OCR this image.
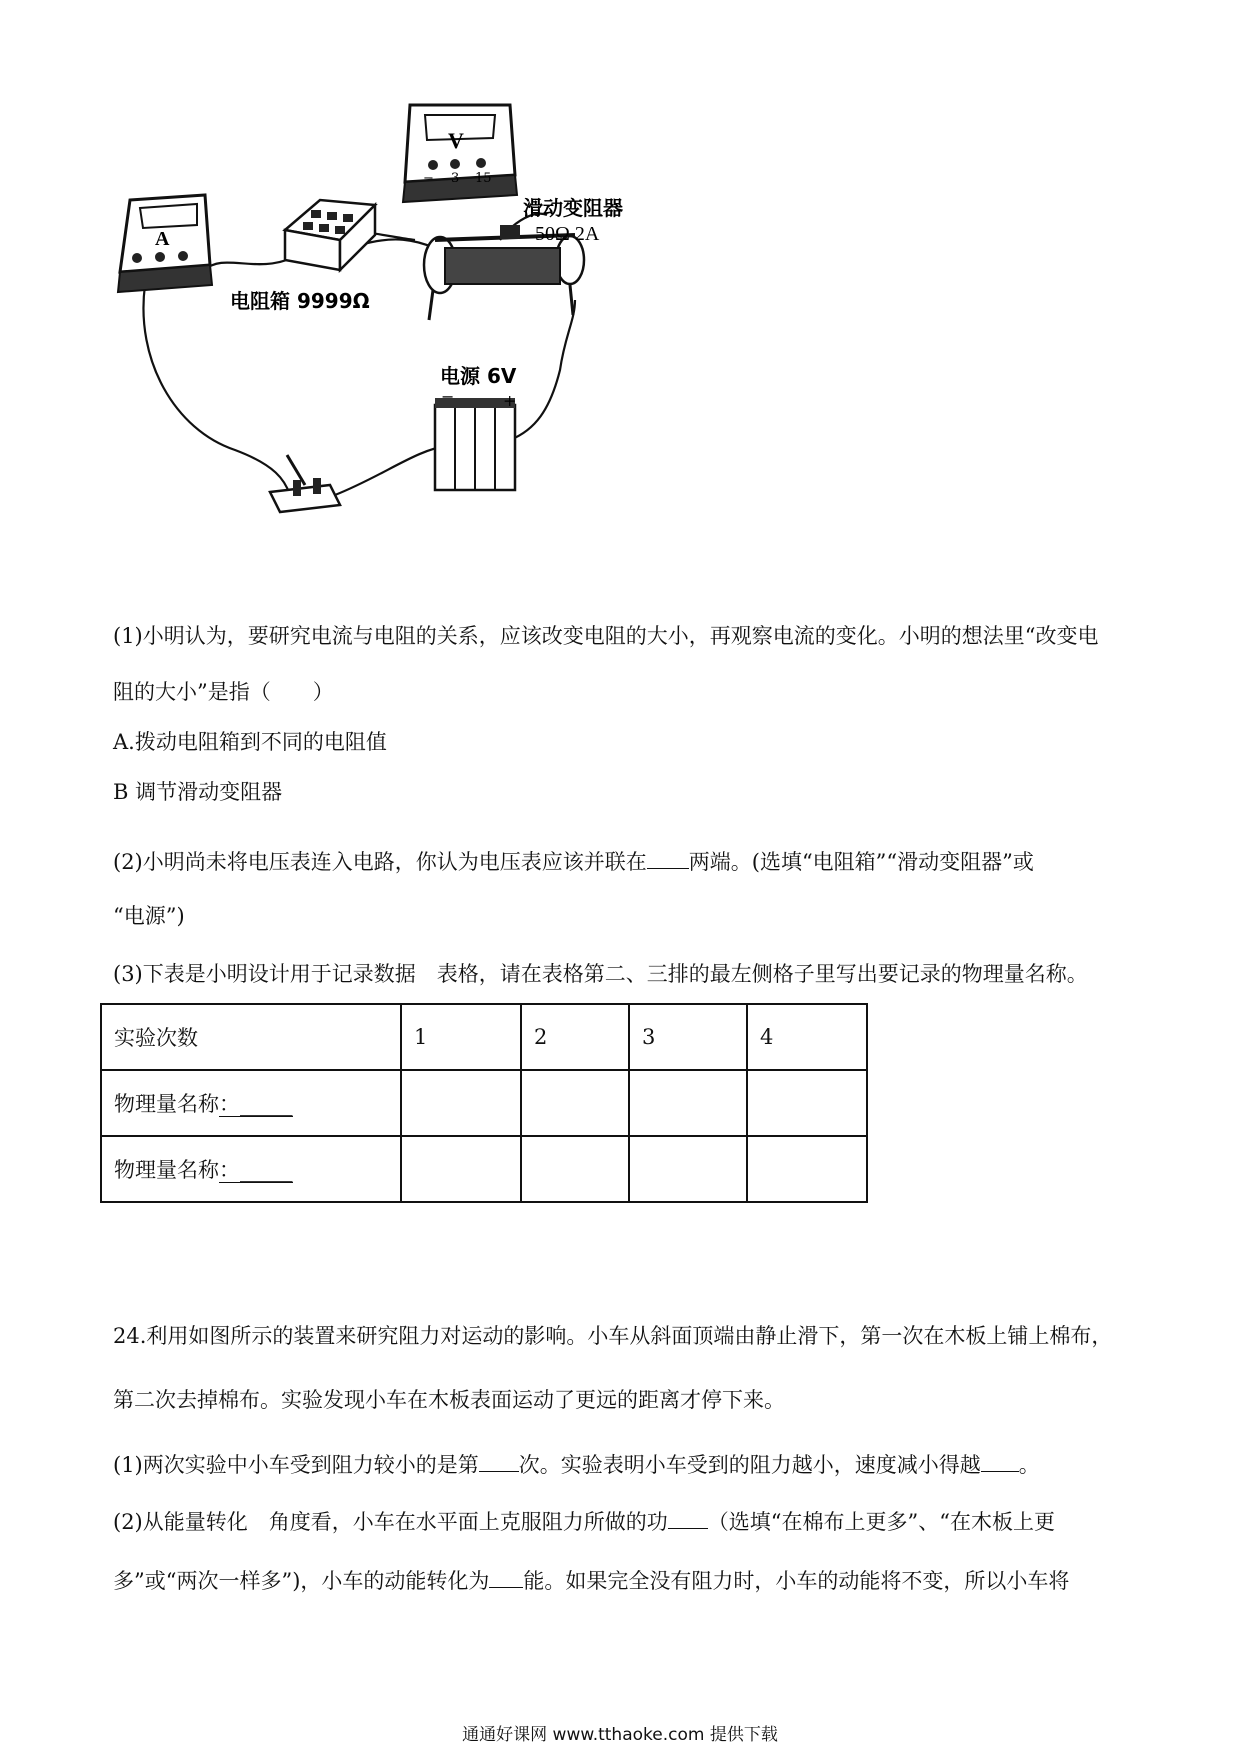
V
− 3 15
A
电阻箱 9999Ω
滑动变阻器
50Ω 2A
电源 6V
−	+
(1)小明认为，要研究电流与电阻的关系，应该改变电阻的大小，再观察电流的变化。小明的想法里“改变电
阻的大小”是指（　　）
A.拨动电阻箱到不同的电阻值
B 调节滑动变阻器
(2)小明尚未将电压表连入电路，你认为电压表应该并联在 两端。(选填“电阻箱”“滑动变阻器”或
“电源”)
(3)下表是小明设计用于记录数据　表格，请在表格第二、三排的最左侧格子里写出要记录的物理量名称。
实验次数	1	2	3	4
物理量名称：_____				
物理量名称：_____				
24.利用如图所示的装置来研究阻力对运动的影响。小车从斜面顶端由静止滑下，第一次在木板上铺上棉布，
第二次去掉棉布。实验发现小车在木板表面运动了更远的距离才停下来。
(1)两次实验中小车受到阻力较小的是第 次。实验表明小车受到的阻力越小，速度减小得越 。
(2)从能量转化　角度看，小车在水平面上克服阻力所做的功 （选填“在棉布上更多”、“在木板上更
多”或“两次一样多”)，小车的动能转化为 能。如果完全没有阻力时，小车的动能将不变，所以小车将
通通好课网 www.tthaoke.com 提供下载
